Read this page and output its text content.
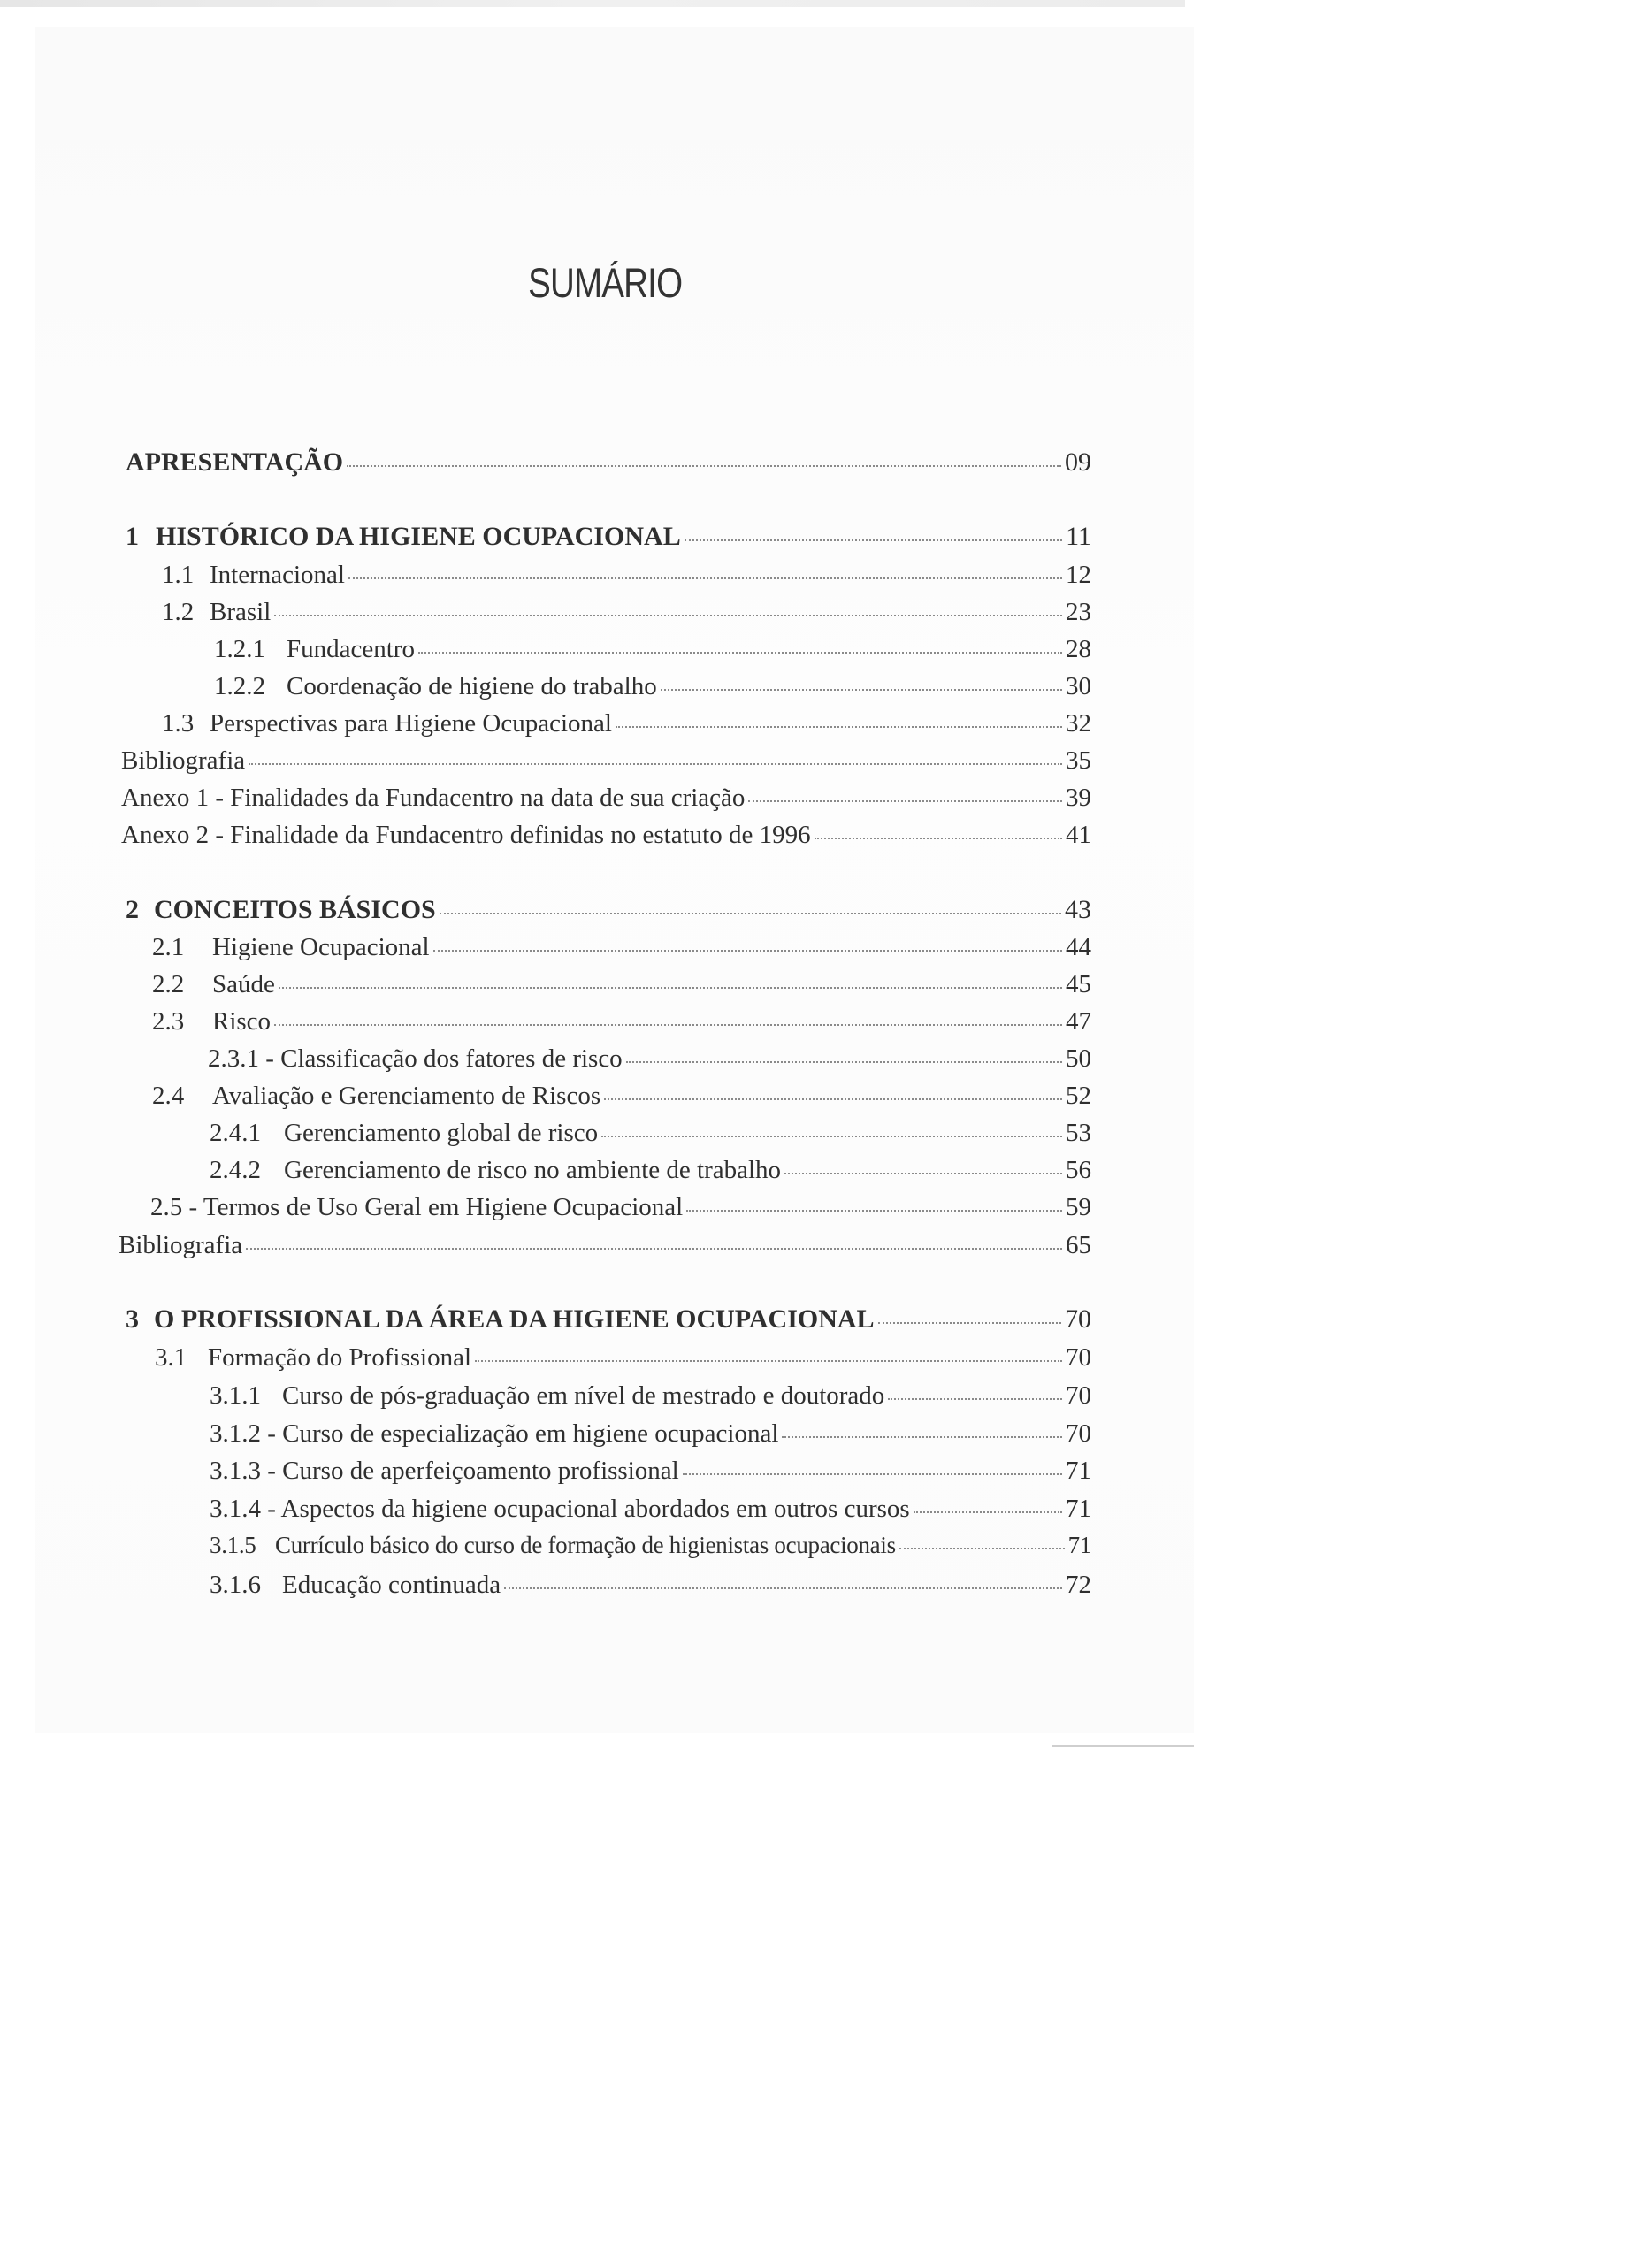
SUMÁRIO
APRESENTAÇÃO	09
1 HISTÓRICO DA HIGIENE OCUPACIONAL	11
1.1 Internacional	12
1.2 Brasil	23
1.2.1 Fundacentro	28
1.2.2 Coordenação de higiene do trabalho	30
1.3 Perspectivas para Higiene Ocupacional	32
Bibliografia	35
Anexo 1 - Finalidades da Fundacentro na data de sua criação	39
Anexo 2 - Finalidade da Fundacentro definidas no estatuto de 1996	41
2 CONCEITOS BÁSICOS	43
2.1	Higiene Ocupacional	44
2.2	Saúde	45
2.3	Risco	47
2.3.1 - Classificação dos fatores de risco	50
2.4	Avaliação e Gerenciamento de Riscos	52
2.4.1 Gerenciamento global de risco	53
2.4.2 Gerenciamento de risco no ambiente de trabalho	56
2.5 - Termos de Uso Geral em Higiene Ocupacional	59
Bibliografia	65
3 O PROFISSIONAL DA ÁREA DA HIGIENE OCUPACIONAL	70
3.1 Formação do Profissional	70
3.1.1 Curso de pós-graduação em nível de mestrado e doutorado	70
3.1.2 - Curso de especialização em higiene ocupacional	70
3.1.3 - Curso de aperfeiçoamento profissional	71
3.1.4 - Aspectos da higiene ocupacional abordados em outros cursos	71
3.1.5 Currículo básico do curso de formação de higienistas ocupacionais	71
3.1.6 Educação continuada	72
